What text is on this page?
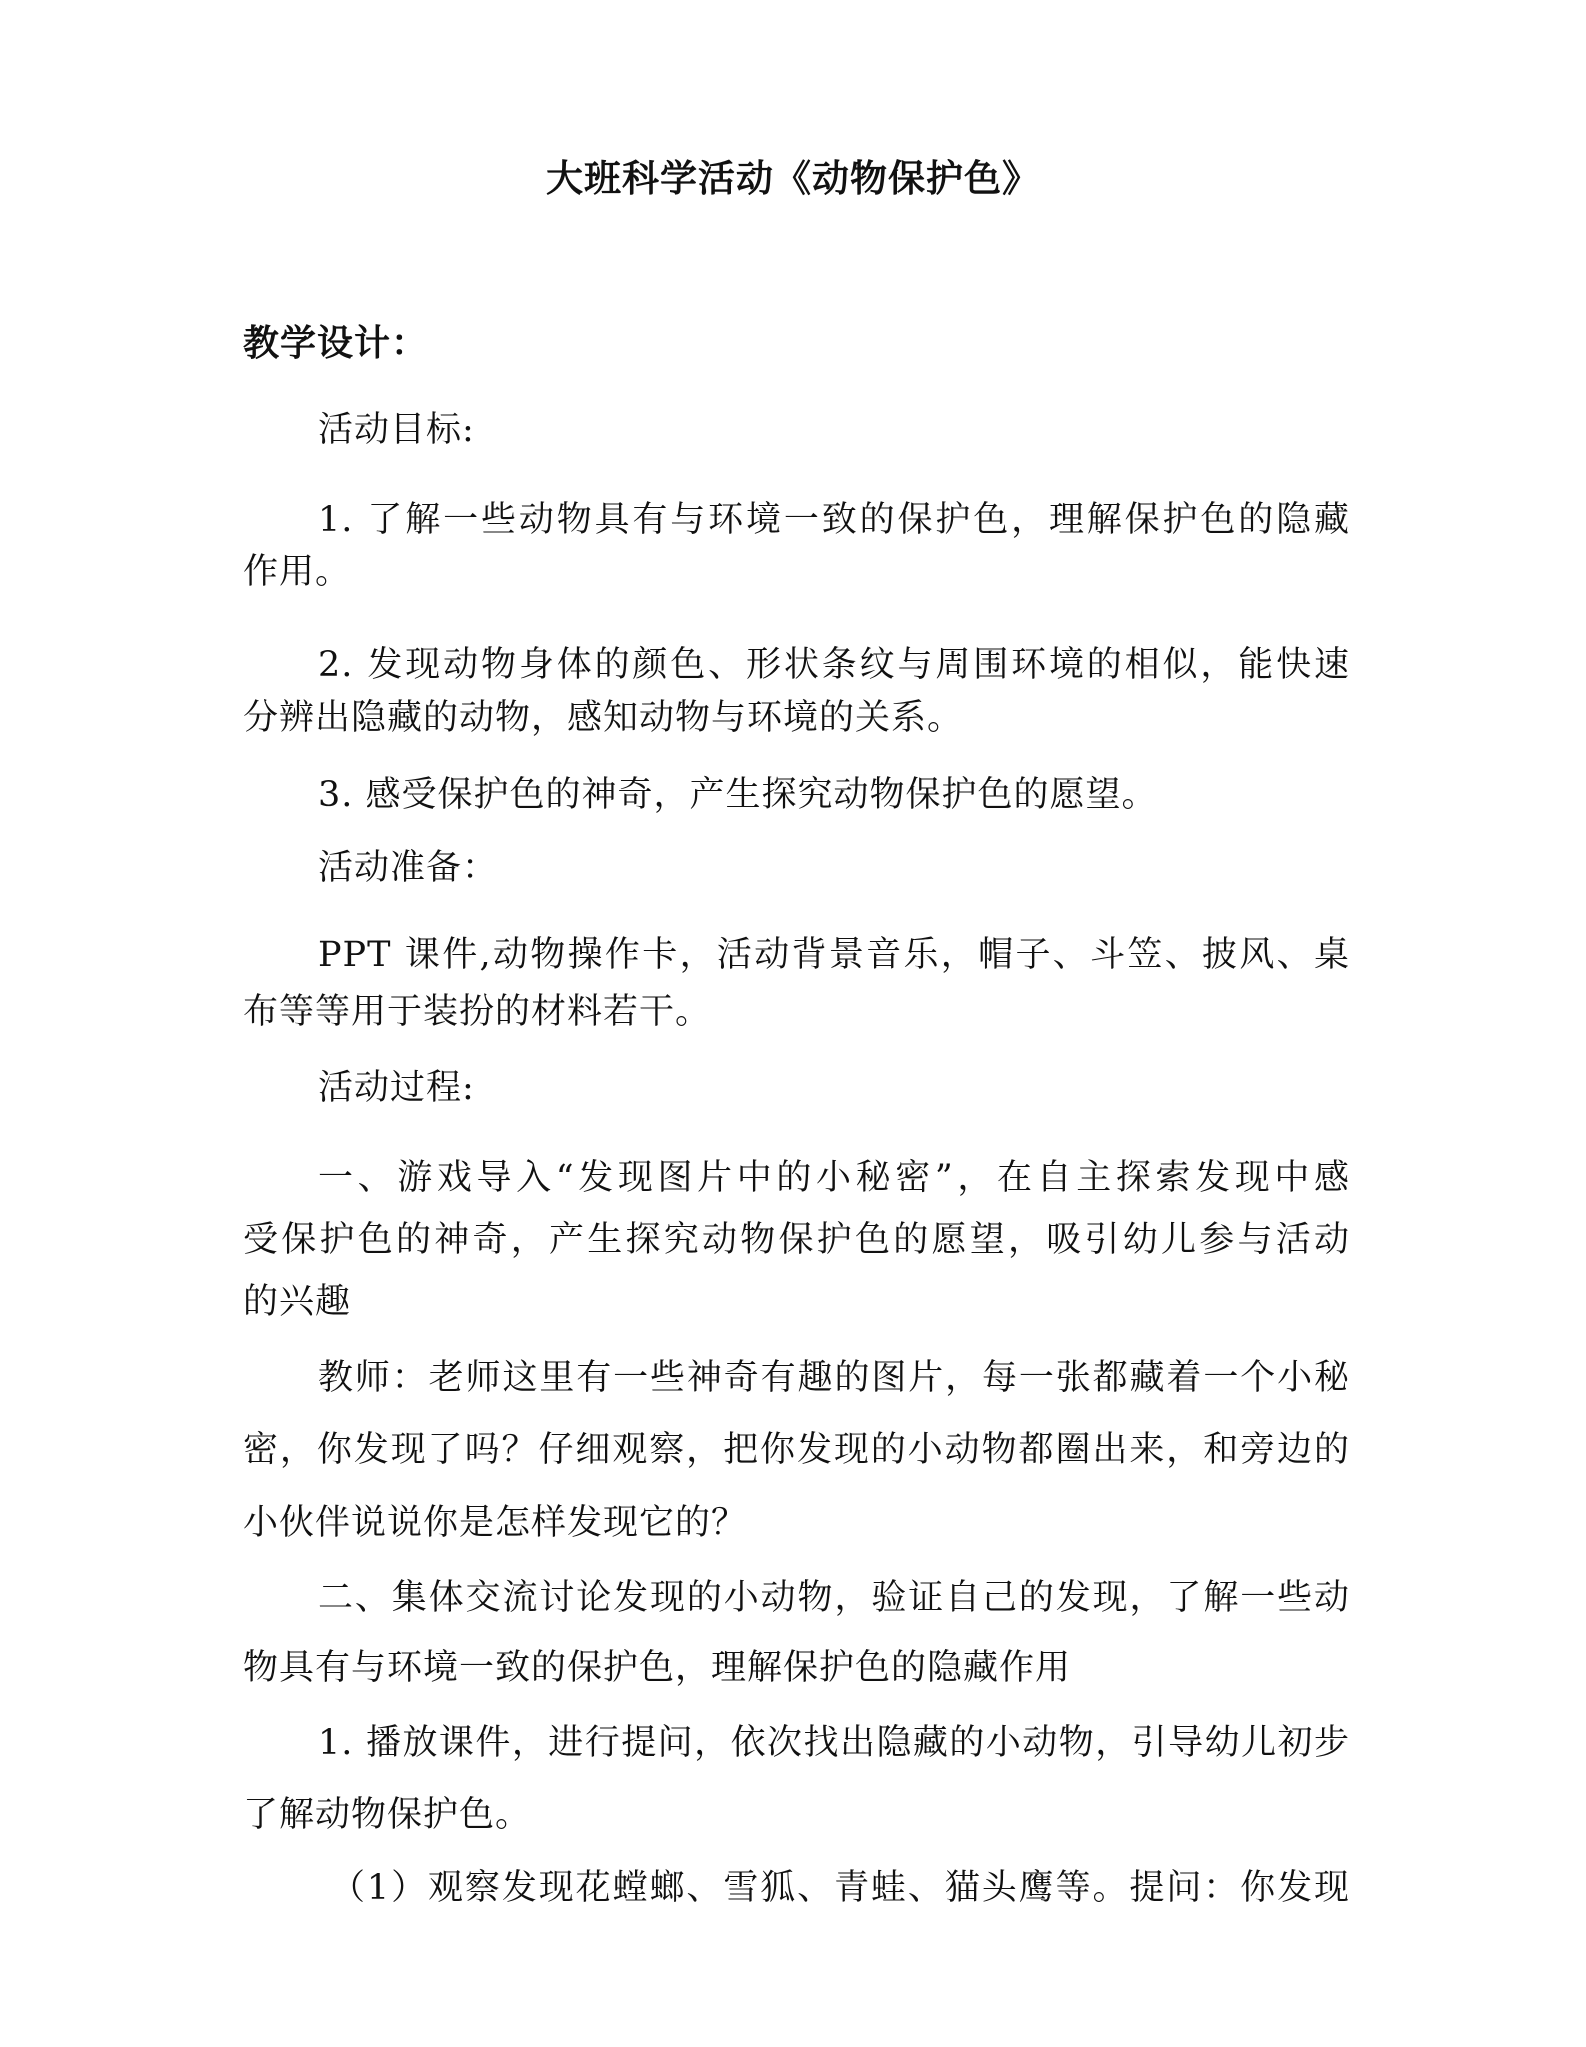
大班科学活动《动物保护色》
教学设计：
活动目标:
1. 了解一些动物具有与环境一致的保护色，理解保护色的隐藏
作用。
2. 发现动物身体的颜色、形状条纹与周围环境的相似，能快速
分辨出隐藏的动物，感知动物与环境的关系。
3. 感受保护色的神奇，产生探究动物保护色的愿望。
活动准备：
PPT 课件,动物操作卡，活动背景音乐，帽子、斗笠、披风、桌
布等等用于装扮的材料若干。
活动过程:
一、游戏导入“发现图片中的小秘密”，在自主探索发现中感
受保护色的神奇，产生探究动物保护色的愿望，吸引幼儿参与活动
的兴趣
教师：老师这里有一些神奇有趣的图片，每一张都藏着一个小秘
密，你发现了吗？仔细观察，把你发现的小动物都圈出来，和旁边的
小伙伴说说你是怎样发现它的？
二、集体交流讨论发现的小动物，验证自己的发现，了解一些动
物具有与环境一致的保护色，理解保护色的隐藏作用
1. 播放课件，进行提问，依次找出隐藏的小动物，引导幼儿初步
了解动物保护色。
（1）观察发现花螳螂、雪狐、青蛙、猫头鹰等。提问：你发现
